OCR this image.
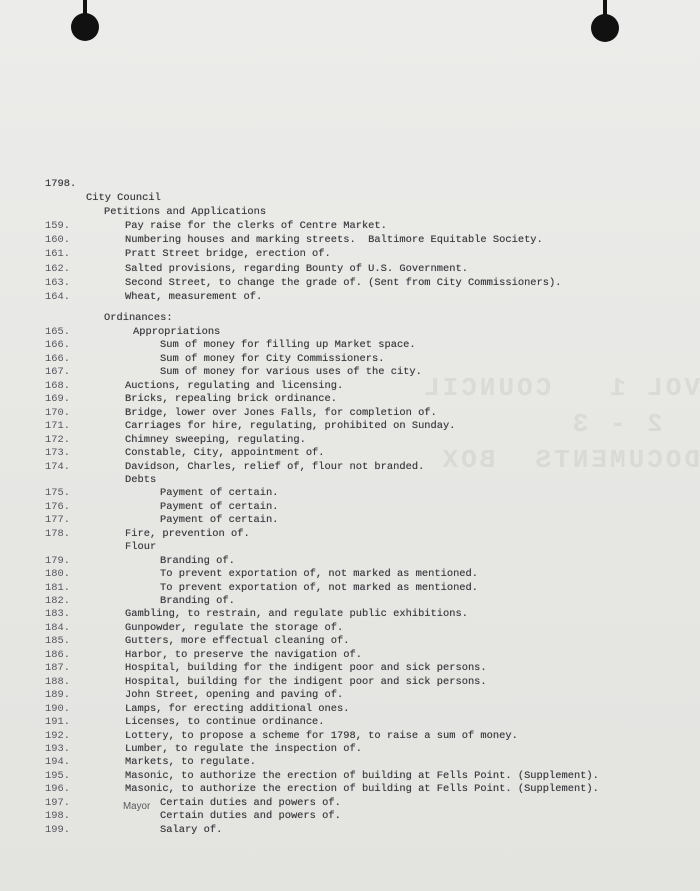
VOL 1   COUNCIL
2 - 3
DOCUMENTS  BOX
1798.
City Council
Petitions and Applications
Ordinances:
Mayor
159.	Pay raise for the clerks of Centre Market.
160.	Numbering houses and marking streets.  Baltimore Equitable Society.
161.	Pratt Street bridge, erection of.
162.	Salted provisions, regarding Bounty of U.S. Government.
163.	Second Street, to change the grade of. (Sent from City Commissioners).
164.	Wheat, measurement of.
165.	Appropriations
166.	Sum of money for filling up Market space.
166.	Sum of money for City Commissioners.
167.	Sum of money for various uses of the city.
168.	Auctions, regulating and licensing.
169.	Bricks, repealing brick ordinance.
170.	Bridge, lower over Jones Falls, for completion of.
171.	Carriages for hire, regulating, prohibited on Sunday.
172.	Chimney sweeping, regulating.
173.	Constable, City, appointment of.
174.	Davidson, Charles, relief of, flour not branded.
Debts
175.	Payment of certain.
176.	Payment of certain.
177.	Payment of certain.
178.	Fire, prevention of.
Flour
179.	Branding of.
180.	To prevent exportation of, not marked as mentioned.
181.	To prevent exportation of, not marked as mentioned.
182.	Branding of.
183.	Gambling, to restrain, and regulate public exhibitions.
184.	Gunpowder, regulate the storage of.
185.	Gutters, more effectual cleaning of.
186.	Harbor, to preserve the navigation of.
187.	Hospital, building for the indigent poor and sick persons.
188.	Hospital, building for the indigent poor and sick persons.
189.	John Street, opening and paving of.
190.	Lamps, for erecting additional ones.
191.	Licenses, to continue ordinance.
192.	Lottery, to propose a scheme for 1798, to raise a sum of money.
193.	Lumber, to regulate the inspection of.
194.	Markets, to regulate.
195.	Masonic, to authorize the erection of building at Fells Point. (Supplement).
196.	Masonic, to authorize the erection of building at Fells Point. (Supplement).
197.	Certain duties and powers of.
198.	Certain duties and powers of.
199.	Salary of.
